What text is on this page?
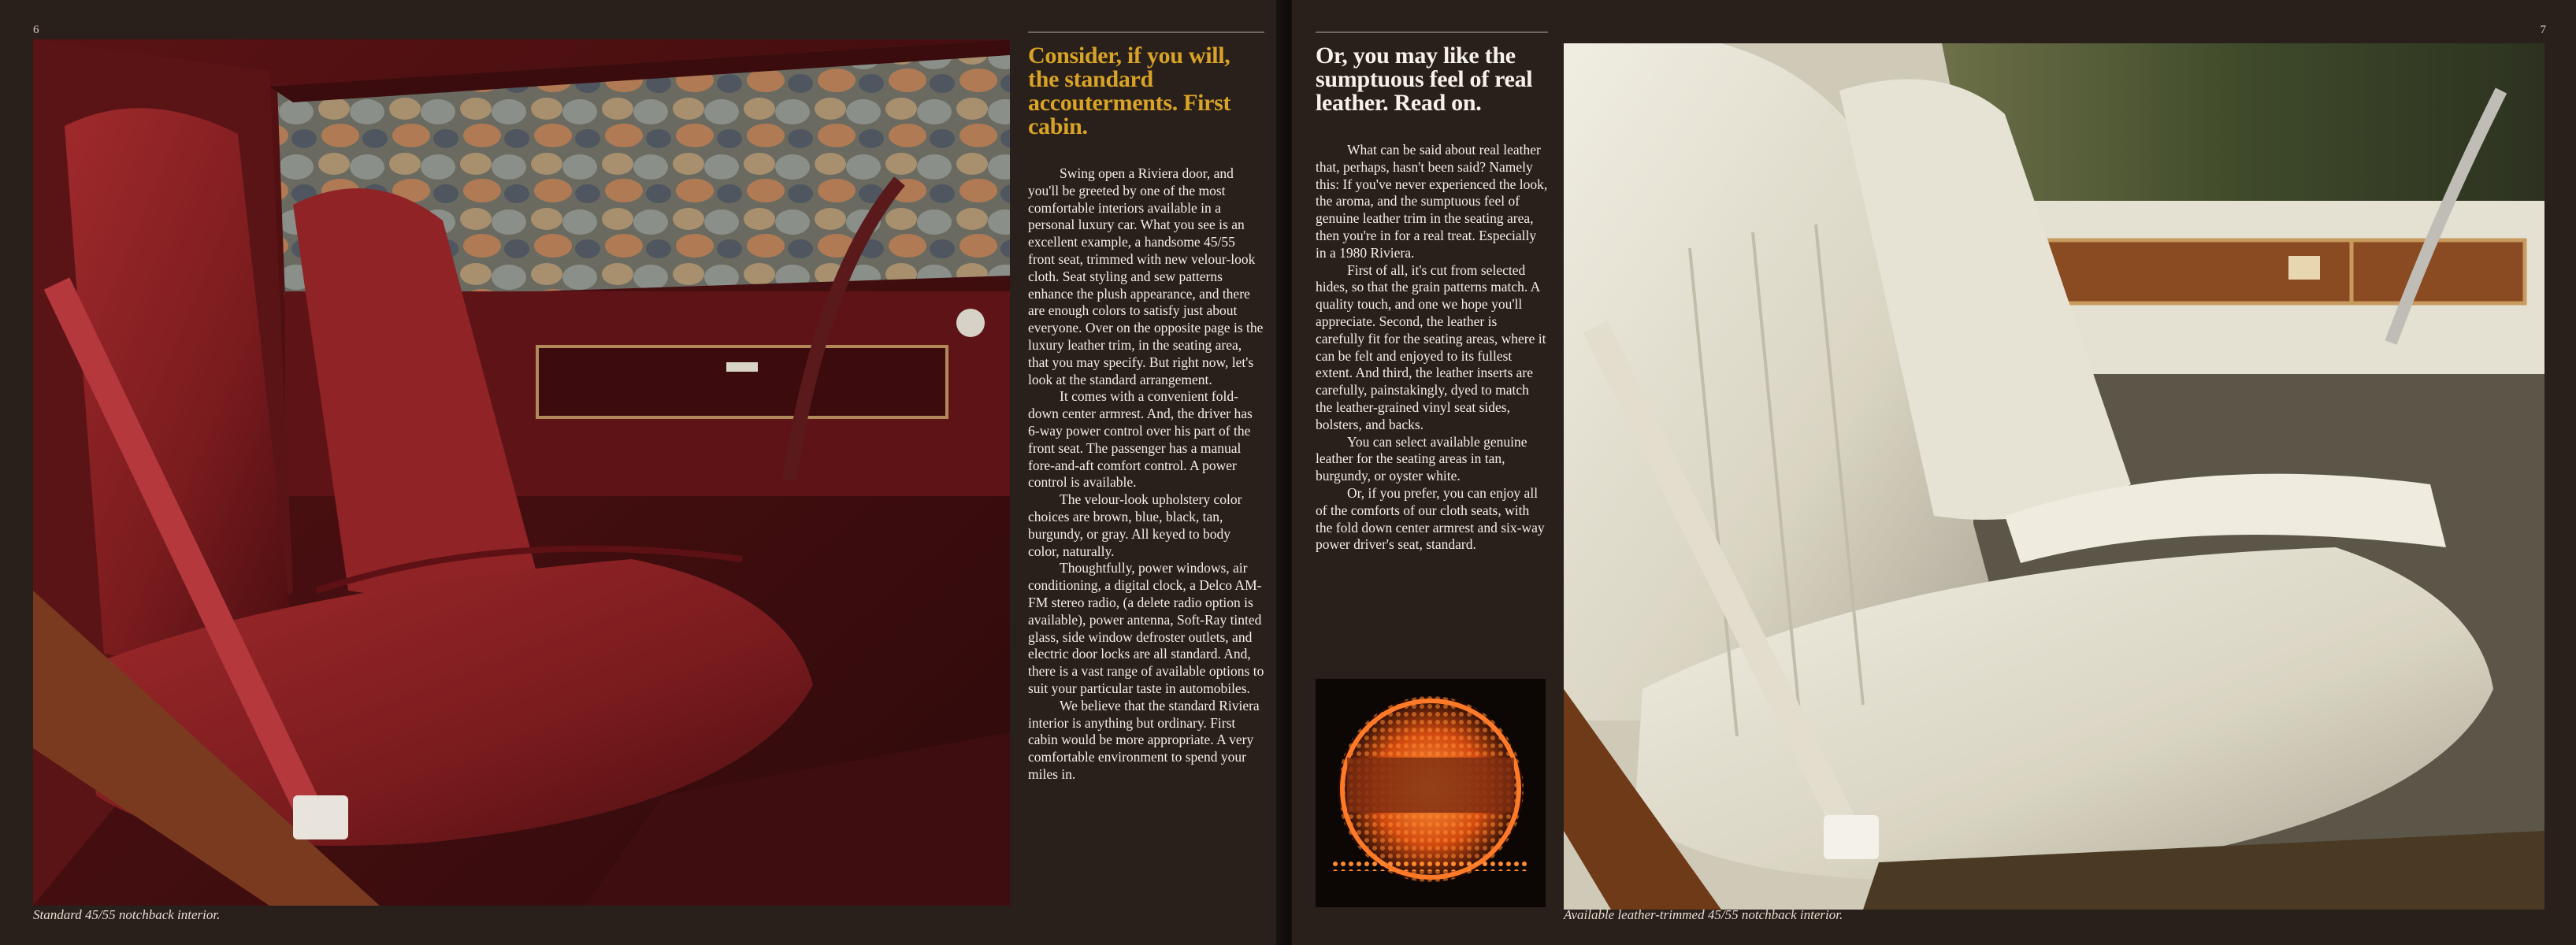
6
Standard 45/55 notchback interior.
Consider, if you will, the standard accouterments. First cabin.

Swing open a Riviera door, and you'll be greeted by one of the most comfortable interiors available in a personal luxury car. What you see is an excellent example, a handsome 45/55 front seat, trimmed with new velour-look cloth. Seat styling and sew patterns enhance the plush appearance, and there are enough colors to satisfy just about everyone. Over on the opposite page is the luxury leather trim, in the seating area, that you may specify. But right now, let's look at the standard arrangement.

It comes with a convenient fold-down center armrest. And, the driver has 6-way power control over his part of the front seat. The passenger has a manual fore-and-aft comfort control. A power control is available.

The velour-look upholstery color choices are brown, blue, black, tan, burgundy, or gray. All keyed to body color, naturally.

Thoughtfully, power windows, air conditioning, a digital clock, a Delco AM-FM stereo radio, (a delete radio option is available), power antenna, Soft-Ray tinted glass, side window defroster outlets, and electric door locks are all standard. And, there is a vast range of available options to suit your particular taste in automobiles.

We believe that the standard Riviera interior is anything but ordinary. First cabin would be more appropriate. A very comfortable environment to spend your miles in.

7
Or, you may like the sumptuous feel of real leather. Read on.

What can be said about real leather that, perhaps, hasn't been said? Namely this: If you've never experienced the look, the aroma, and the sumptuous feel of genuine leather trim in the seating area, then you're in for a real treat. Especially in a 1980 Riviera.

First of all, it's cut from selected hides, so that the grain patterns match. A quality touch, and one we hope you'll appreciate. Second, the leather is carefully fit for the seating areas, where it can be felt and enjoyed to its fullest extent. And third, the leather inserts are carefully, painstakingly, dyed to match the leather-grained vinyl seat sides, bolsters, and backs.

You can select available genuine leather for the seating areas in tan, burgundy, or oyster white.

Or, if you prefer, you can enjoy all of the comforts of our cloth seats, with the fold down center armrest and six-way power driver's seat, standard.

Available leather-trimmed 45/55 notchback interior.
